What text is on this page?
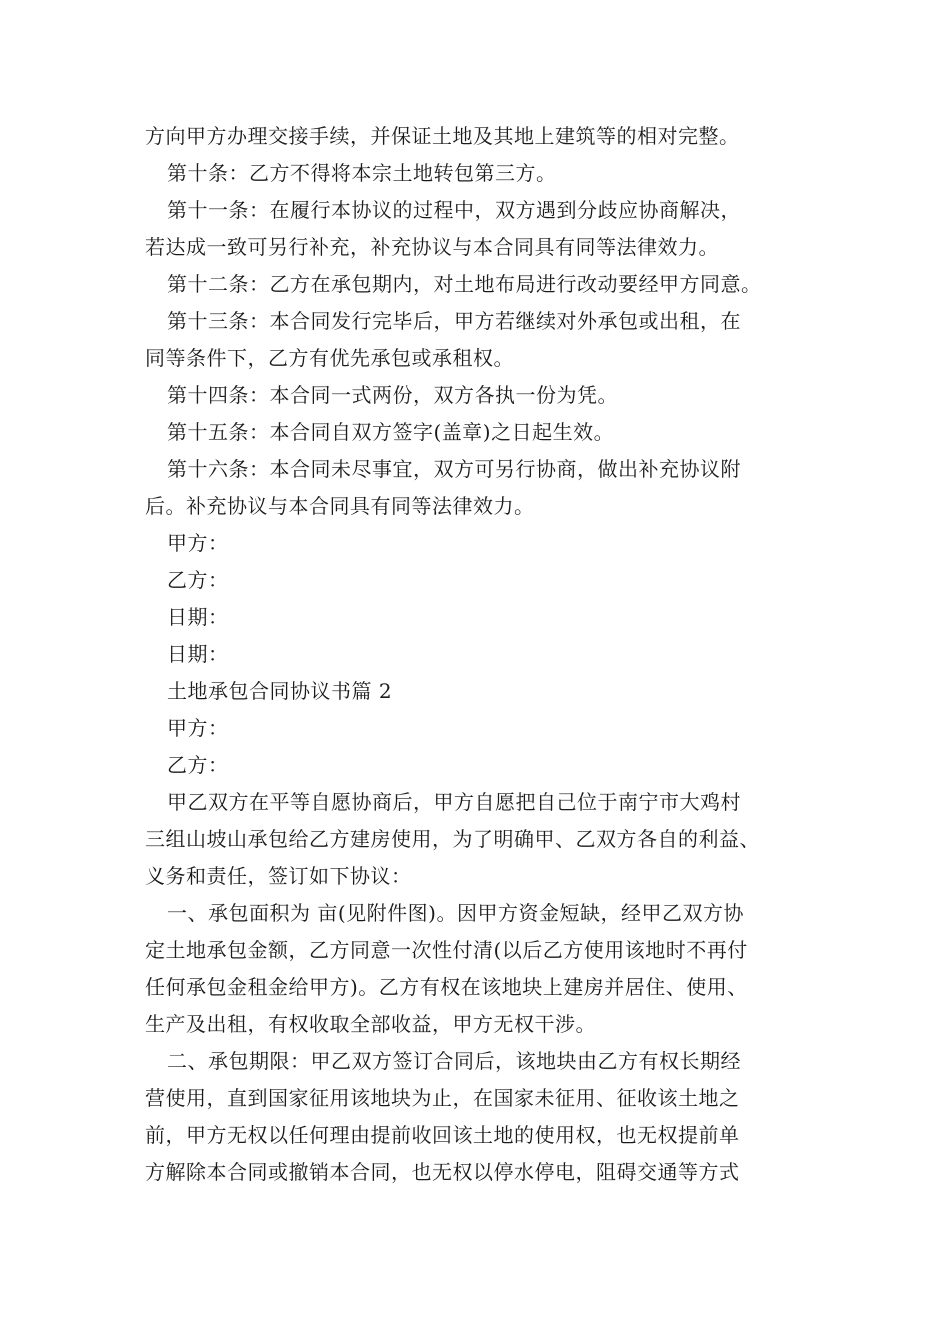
方向甲方办理交接手续，并保证土地及其地上建筑等的相对完整。
第十条：乙方不得将本宗土地转包第三方。
第十一条：在履行本协议的过程中，双方遇到分歧应协商解决，
若达成一致可另行补充，补充协议与本合同具有同等法律效力。
第十二条：乙方在承包期内，对土地布局进行改动要经甲方同意。
第十三条：本合同发行完毕后，甲方若继续对外承包或出租，在
同等条件下，乙方有优先承包或承租权。
第十四条：本合同一式两份，双方各执一份为凭。
第十五条：本合同自双方签字(盖章)之日起生效。
第十六条：本合同未尽事宜，双方可另行协商，做出补充协议附
后。补充协议与本合同具有同等法律效力。
甲方：
乙方：
日期：
日期：
土地承包合同协议书篇 2
甲方：
乙方：
甲乙双方在平等自愿协商后，甲方自愿把自己位于南宁市大鸡村
三组山坡山承包给乙方建房使用，为了明确甲、乙双方各自的利益、
义务和责任，签订如下协议：
一、承包面积为 亩(见附件图)。因甲方资金短缺，经甲乙双方协
定土地承包金额，乙方同意一次性付清(以后乙方使用该地时不再付
任何承包金租金给甲方)。乙方有权在该地块上建房并居住、使用、
生产及出租，有权收取全部收益，甲方无权干涉。
二、承包期限：甲乙双方签订合同后，该地块由乙方有权长期经
营使用，直到国家征用该地块为止，在国家未征用、征收该土地之
前，甲方无权以任何理由提前收回该土地的使用权，也无权提前单
方解除本合同或撤销本合同，也无权以停水停电，阻碍交通等方式
